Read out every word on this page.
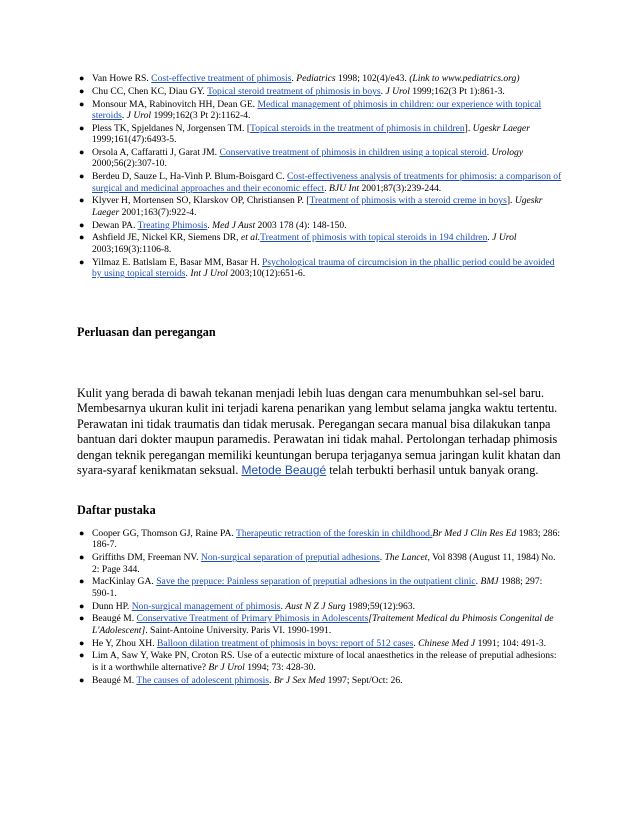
● Van Howe RS. Cost-effective treatment of phimosis. Pediatrics 1998; 102(4)/e43. (Link to www.pediatrics.org)
● Chu CC, Chen KC, Diau GY. Topical steroid treatment of phimosis in boys. J Urol 1999;162(3 Pt 1):861-3.
● Monsour MA, Rabinovitch HH, Dean GE. Medical management of phimosis in children: our experience with topical steroids. J Urol 1999;162(3 Pt 2):1162-4.
● Pless TK, Spjeldanes N, Jorgensen TM. [Topical steroids in the treatment of phimosis in children]. Ugeskr Laeger 1999;161(47):6493-5.
● Orsola A, Caffaratti J, Garat JM. Conservative treatment of phimosis in children using a topical steroid. Urology 2000;56(2):307-10.
● Berdeu D, Sauze L, Ha-Vinh P. Blum-Boisgard C. Cost-effectiveness analysis of treatments for phimosis: a comparison of surgical and medicinal approaches and their economic effect. BJU Int 2001;87(3):239-244.
● Klyver H, Mortensen SO, Klarskov OP, Christiansen P. [Treatment of phimosis with a steroid creme in boys]. Ugeskr Laeger 2001;163(7):922-4.
● Dewan PA. Treating Phimosis. Med J Aust 2003 178 (4): 148-150.
● Ashfield JE, Nickel KR, Siemens DR, et al.Treatment of phimosis with topical steroids in 194 children. J Urol 2003;169(3):1106-8.
● Yilmaz E. Batlslam E, Basar MM, Basar H. Psychological trauma of circumcision in the phallic period could be avoided by using topical steroids. Int J Urol 2003;10(12):651-6.
Perluasan dan peregangan

Kulit yang berada di bawah tekanan menjadi lebih luas dengan cara menumbuhkan sel-sel baru. Membesarnya ukuran kulit ini terjadi karena penarikan yang lembut selama jangka waktu tertentu. Perawatan ini tidak traumatis dan tidak merusak. Peregangan secara manual bisa dilakukan tanpa bantuan dari dokter maupun paramedis. Perawatan ini tidak mahal. Pertolongan terhadap phimosis dengan teknik peregangan memiliki keuntungan berupa terjaganya semua jaringan kulit khatan dan syara-syaraf kenikmatan seksual. Metode Beaugé telah terbukti berhasil untuk banyak orang.

Daftar pustaka
● Cooper GG, Thomson GJ, Raine PA. Therapeutic retraction of the foreskin in childhood.Br Med J Clin Res Ed 1983; 286: 186-7.
● Griffiths DM, Freeman NV. Non-surgical separation of preputial adhesions. The Lancet, Vol 8398 (August 11, 1984) No. 2: Page 344.
● MacKinlay GA. Save the prepuce: Painless separation of preputial adhesions in the outpatient clinic. BMJ 1988; 297: 590-1.
● Dunn HP. Non-surgical management of phimosis. Aust N Z J Surg 1989;59(12):963.
● Beaugé M. Conservative Treatment of Primary Phimosis in Adolescents[Traitement Medical du Phimosis Congenital de L'Adolescent]. Saint-Antoine University. Paris VI. 1990-1991.
● He Y, Zhou XH. Balloon dilation treatment of phimosis in boys: report of 512 cases. Chinese Med J 1991; 104: 491-3.
● Lim A, Saw Y, Wake PN, Croton RS. Use of a eutectic mixture of local anaesthetics in the release of preputial adhesions: is it a worthwhile alternative? Br J Urol 1994; 73: 428-30.
● Beaugé M. The causes of adolescent phimosis. Br J Sex Med 1997; Sept/Oct: 26.
